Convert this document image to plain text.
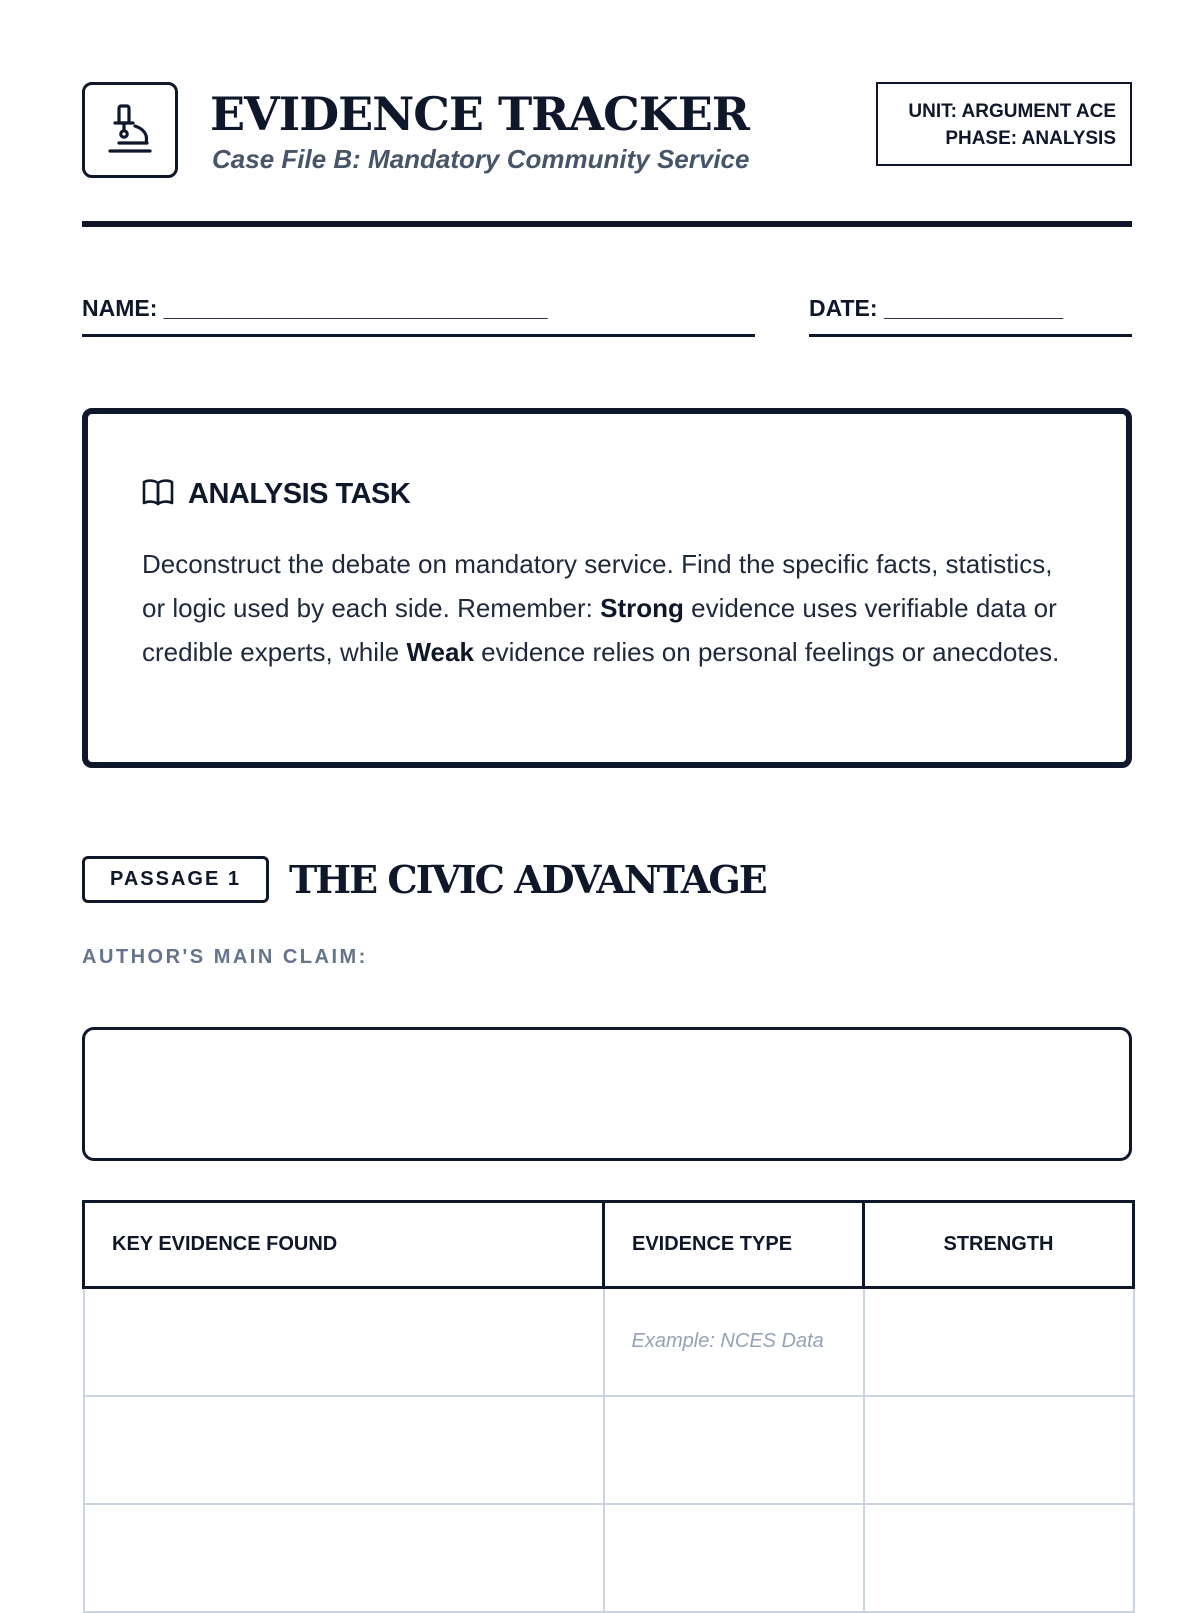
EVIDENCE TRACKER
Case File B: Mandatory Community Service
UNIT: ARGUMENT ACE
PHASE: ANALYSIS
NAME: ______________________________	DATE: ______________
ANALYSIS TASK

Deconstruct the debate on mandatory service. Find the specific facts, statistics, or logic used by each side. Remember: Strong evidence uses verifiable data or credible experts, while Weak evidence relies on personal feelings or anecdotes.

PASSAGE 1	THE CIVIC ADVANTAGE
AUTHOR'S MAIN CLAIM:
KEY EVIDENCE FOUND	EVIDENCE TYPE	STRENGTH
	Example: NCES Data	
